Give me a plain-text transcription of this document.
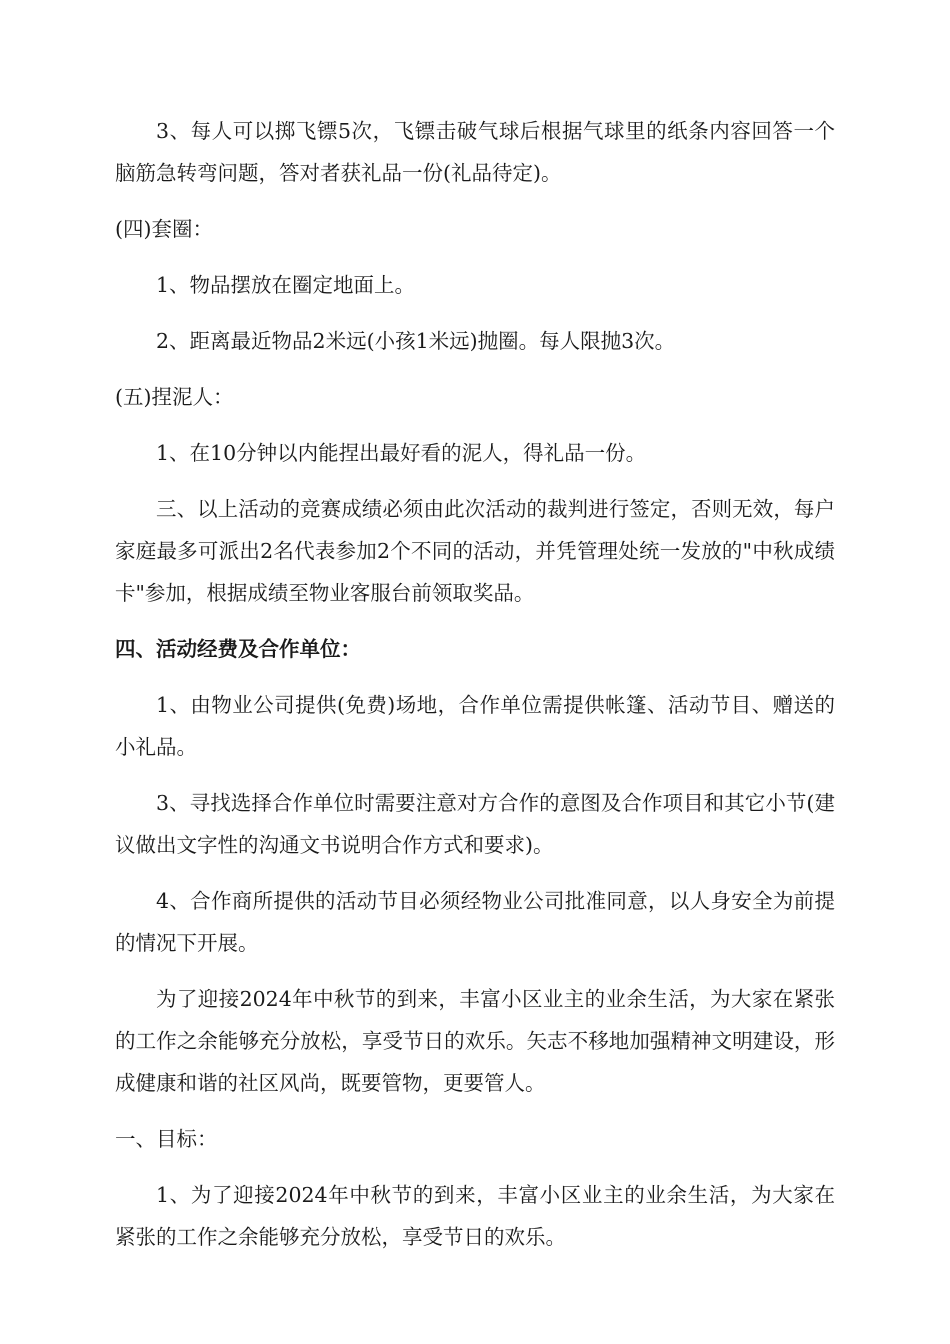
3、每人可以掷飞镖5次，飞镖击破气球后根据气球里的纸条内容回答一个脑筋急转弯问题，答对者获礼品一份(礼品待定)。

(四)套圈：

1、物品摆放在圈定地面上。

2、距离最近物品2米远(小孩1米远)抛圈。每人限抛3次。

(五)捏泥人：

1、在10分钟以内能捏出最好看的泥人，得礼品一份。

三、以上活动的竞赛成绩必须由此次活动的裁判进行签定，否则无效，每户家庭最多可派出2名代表参加2个不同的活动，并凭管理处统一发放的"中秋成绩卡"参加，根据成绩至物业客服台前领取奖品。

四、活动经费及合作单位：

1、由物业公司提供(免费)场地，合作单位需提供帐篷、活动节目、赠送的小礼品。

3、寻找选择合作单位时需要注意对方合作的意图及合作项目和其它小节(建议做出文字性的沟通文书说明合作方式和要求)。

4、合作商所提供的活动节目必须经物业公司批准同意，以人身安全为前提的情况下开展。

为了迎接2024年中秋节的到来，丰富小区业主的业余生活，为大家在紧张的工作之余能够充分放松，享受节日的欢乐。矢志不移地加强精神文明建设，形成健康和谐的社区风尚，既要管物，更要管人。

一、目标：

1、为了迎接2024年中秋节的到来，丰富小区业主的业余生活，为大家在紧张的工作之余能够充分放松，享受节日的欢乐。
